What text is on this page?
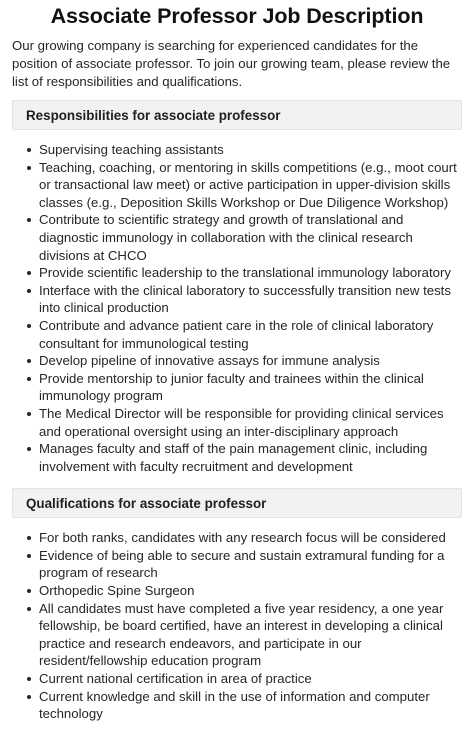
Associate Professor Job Description

Our growing company is searching for experienced candidates for the position of associate professor. To join our growing team, please review the list of responsibilities and qualifications.

Responsibilities for associate professor
Supervising teaching assistants
Teaching, coaching, or mentoring in skills competitions (e.g., moot court or transactional law meet) or active participation in upper-division skills classes (e.g., Deposition Skills Workshop or Due Diligence Workshop)
Contribute to scientific strategy and growth of translational and diagnostic immunology in collaboration with the clinical research divisions at CHCO
Provide scientific leadership to the translational immunology laboratory
Interface with the clinical laboratory to successfully transition new tests into clinical production
Contribute and advance patient care in the role of clinical laboratory consultant for immunological testing
Develop pipeline of innovative assays for immune analysis
Provide mentorship to junior faculty and trainees within the clinical immunology program
The Medical Director will be responsible for providing clinical services and operational oversight using an inter-disciplinary approach
Manages faculty and staff of the pain management clinic, including involvement with faculty recruitment and development
Qualifications for associate professor
For both ranks, candidates with any research focus will be considered
Evidence of being able to secure and sustain extramural funding for a program of research
Orthopedic Spine Surgeon
All candidates must have completed a five year residency, a one year fellowship, be board certified, have an interest in developing a clinical practice and research endeavors, and participate in our resident/fellowship education program
Current national certification in area of practice
Current knowledge and skill in the use of information and computer technology
